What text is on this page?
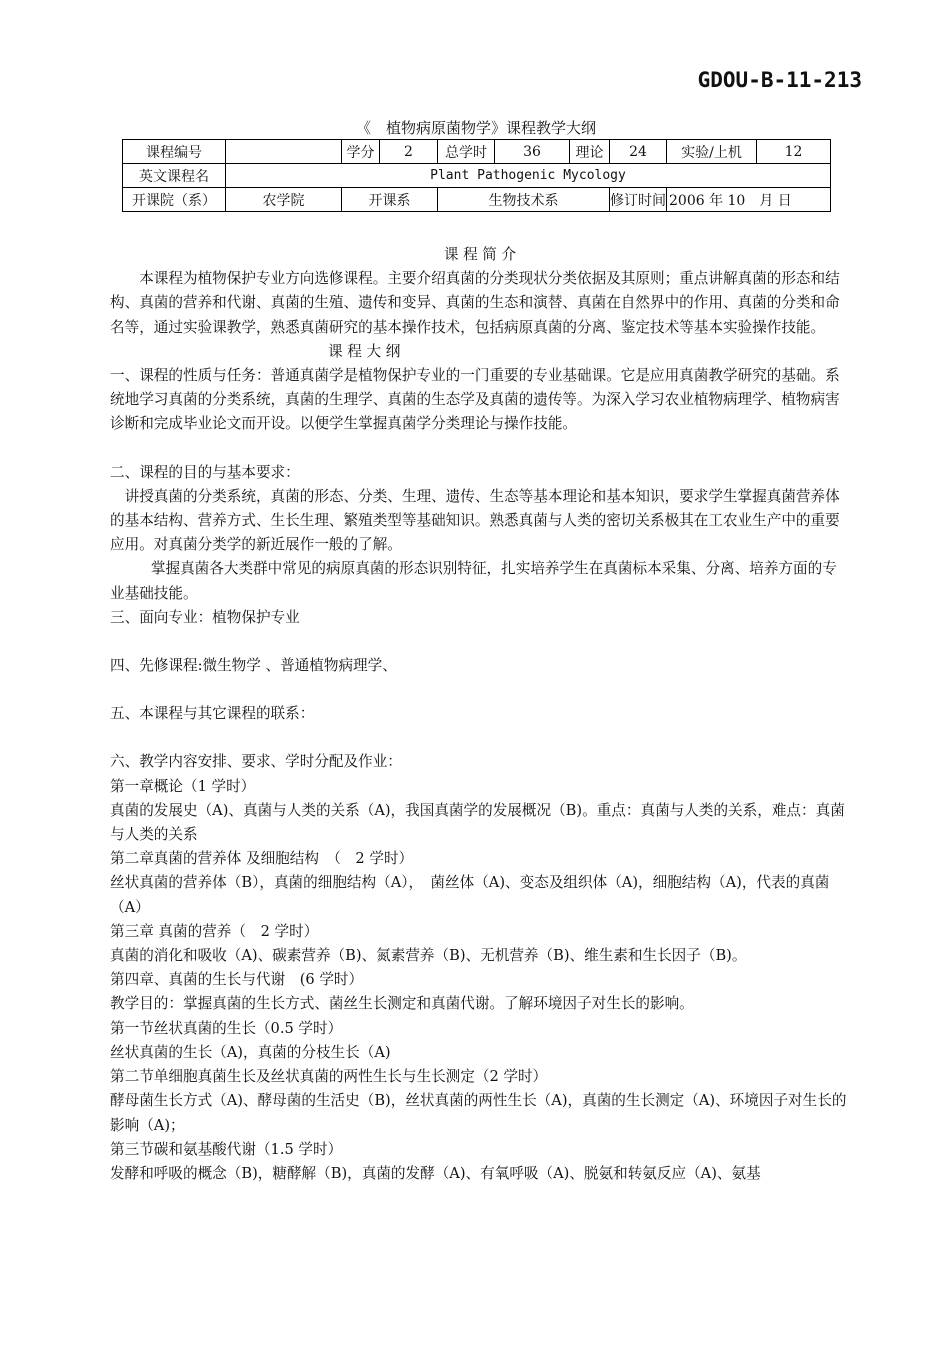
GDOU-B-11-213
《　植物病原菌物学》课程教学大纲
课程编号		学分	2	总学时	36	理论	24	实验/上机	12
英文课程名	Plant Pathogenic Mycology								
开课院（系）	农学院	开课系		生物技术系			修订时间	2006 年 10　月 日	

课 程 简 介

本课程为植物保护专业方向选修课程。主要介绍真菌的分类现状分类依据及其原则；重点讲解真菌的形态和结构、真菌的营养和代谢、真菌的生殖、遗传和变异、真菌的生态和演替、真菌在自然界中的作用、真菌的分类和命名等，通过实验课教学，熟悉真菌研究的基本操作技术，包括病原真菌的分离、鉴定技术等基本实验操作技能。

课 程 大 纲

一、课程的性质与任务：普通真菌学是植物保护专业的一门重要的专业基础课。它是应用真菌教学研究的基础。系统地学习真菌的分类系统，真菌的生理学、真菌的生态学及真菌的遗传等。为深入学习农业植物病理学、植物病害诊断和完成毕业论文而开设。以便学生掌握真菌学分类理论与操作技能。

二、课程的目的与基本要求：

讲授真菌的分类系统，真菌的形态、分类、生理、遗传、生态等基本理论和基本知识，要求学生掌握真菌营养体的基本结构、营养方式、生长生理、繁殖类型等基础知识。熟悉真菌与人类的密切关系极其在工农业生产中的重要应用。对真菌分类学的新近展作一般的了解。

掌握真菌各大类群中常见的病原真菌的形态识别特征，扎实培养学生在真菌标本采集、分离、培养方面的专业基础技能。

三、面向专业：植物保护专业

四、先修课程:微生物学 、普通植物病理学、

五、本课程与其它课程的联系：

六、教学内容安排、要求、学时分配及作业：

第一章概论（1 学时）

真菌的发展史（A)、真菌与人类的关系（A)，我国真菌学的发展概况（B)。重点：真菌与人类的关系，难点：真菌与人类的关系

第二章真菌的营养体 及细胞结构　（　2 学时）

丝状真菌的营养体（B），真菌的细胞结构（A），　菌丝体（A)、变态及组织体（A)，细胞结构（A)，代表的真菌（A）

第三章 真菌的营养（　2 学时）

真菌的消化和吸收（A)、碳素营养（B)、氮素营养（B)、无机营养（B)、维生素和生长因子（B)。

第四章、真菌的生长与代谢　(6 学时）

教学目的：掌握真菌的生长方式、菌丝生长测定和真菌代谢。了解环境因子对生长的影响。

第一节丝状真菌的生长（0.5 学时）

丝状真菌的生长（A)，真菌的分枝生长（A)

第二节单细胞真菌生长及丝状真菌的两性生长与生长测定（2 学时）

酵母菌生长方式（A)、酵母菌的生活史（B)，丝状真菌的两性生长（A)，真菌的生长测定（A)、环境因子对生长的影响（A)；

第三节碳和氨基酸代谢（1.5 学时）

发酵和呼吸的概念（B)，糖酵解（B)，真菌的发酵（A)、有氧呼吸（A)、脱氨和转氨反应（A)、氨基
